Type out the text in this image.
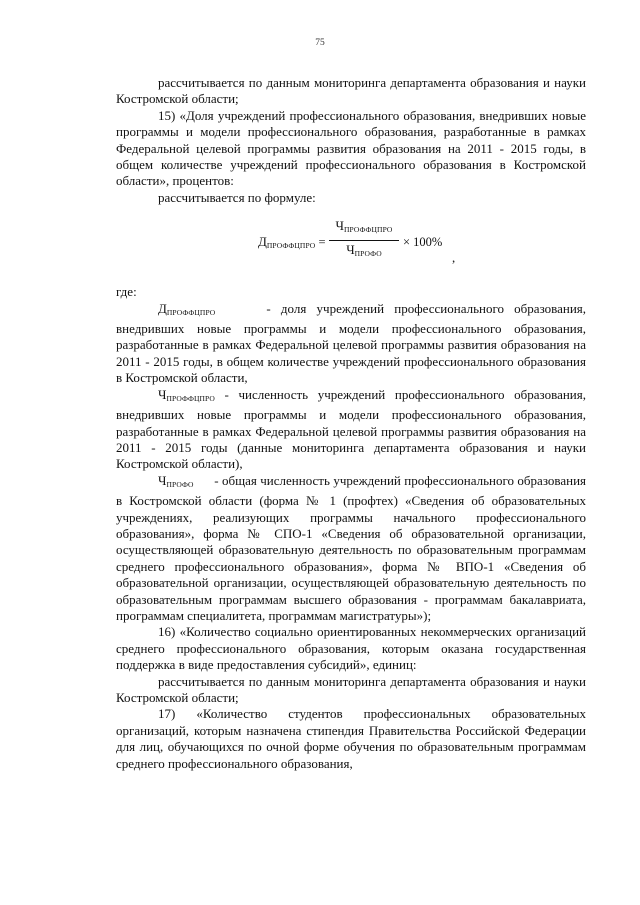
75

рассчитывается по данным мониторинга департамента образования и науки Костромской области;

15) «Доля учреждений профессионального образования, внедривших новые программы и модели профессионального образования, разработанные в рамках Федеральной целевой программы развития образования на 2011 - 2015 годы, в общем количестве учреждений профессионального образования в Костромской области», процентов:

рассчитывается по формуле:

$Д_{ПРОФФЦПРО}$ =
$Ч_{ПРОФФЦПРО}$
$Ч_{ПРОФО}$
× 100%
,

где:

$Д_{ПРОФФЦПРО}$	- доля учреждений профессионального образования, внедривших новые программы и модели профессионального образования, разработанные в рамках Федеральной целевой программы развития образования на 2011 - 2015 годы, в общем количестве учреждений профессионального образования в Костромской области,

$Ч_{ПРОФФЦПРО}$ - численность учреждений профессионального образования, внедривших новые программы и модели профессионального образования, разработанные в рамках Федеральной целевой программы развития образования на 2011 - 2015 годы (данные мониторинга департамента образования и науки Костромской области),

$Ч_{ПРОФО}$ - общая численность учреждений профессионального образования в Костромской области (форма № 1 (профтех) «Сведения об образовательных учреждениях, реализующих программы начального профессионального образования», форма № СПО-1 «Сведения об образовательной организации, осуществляющей образовательную деятельность по образовательным программам среднего профессионального образования», форма № ВПО-1 «Сведения об образовательной организации, осуществляющей образовательную деятельность по образовательным программам высшего образования - программам бакалавриата, программам специалитета, программам магистратуры»);

16) «Количество социально ориентированных некоммерческих организаций среднего профессионального образования, которым оказана государственная поддержка в виде предоставления субсидий», единиц:

рассчитывается по данным мониторинга департамента образования и науки Костромской области;

17) «Количество студентов профессиональных образовательных организаций, которым назначена стипендия Правительства Российской Федерации для лиц, обучающихся по очной форме обучения по образовательным программам среднего профессионального образования,
